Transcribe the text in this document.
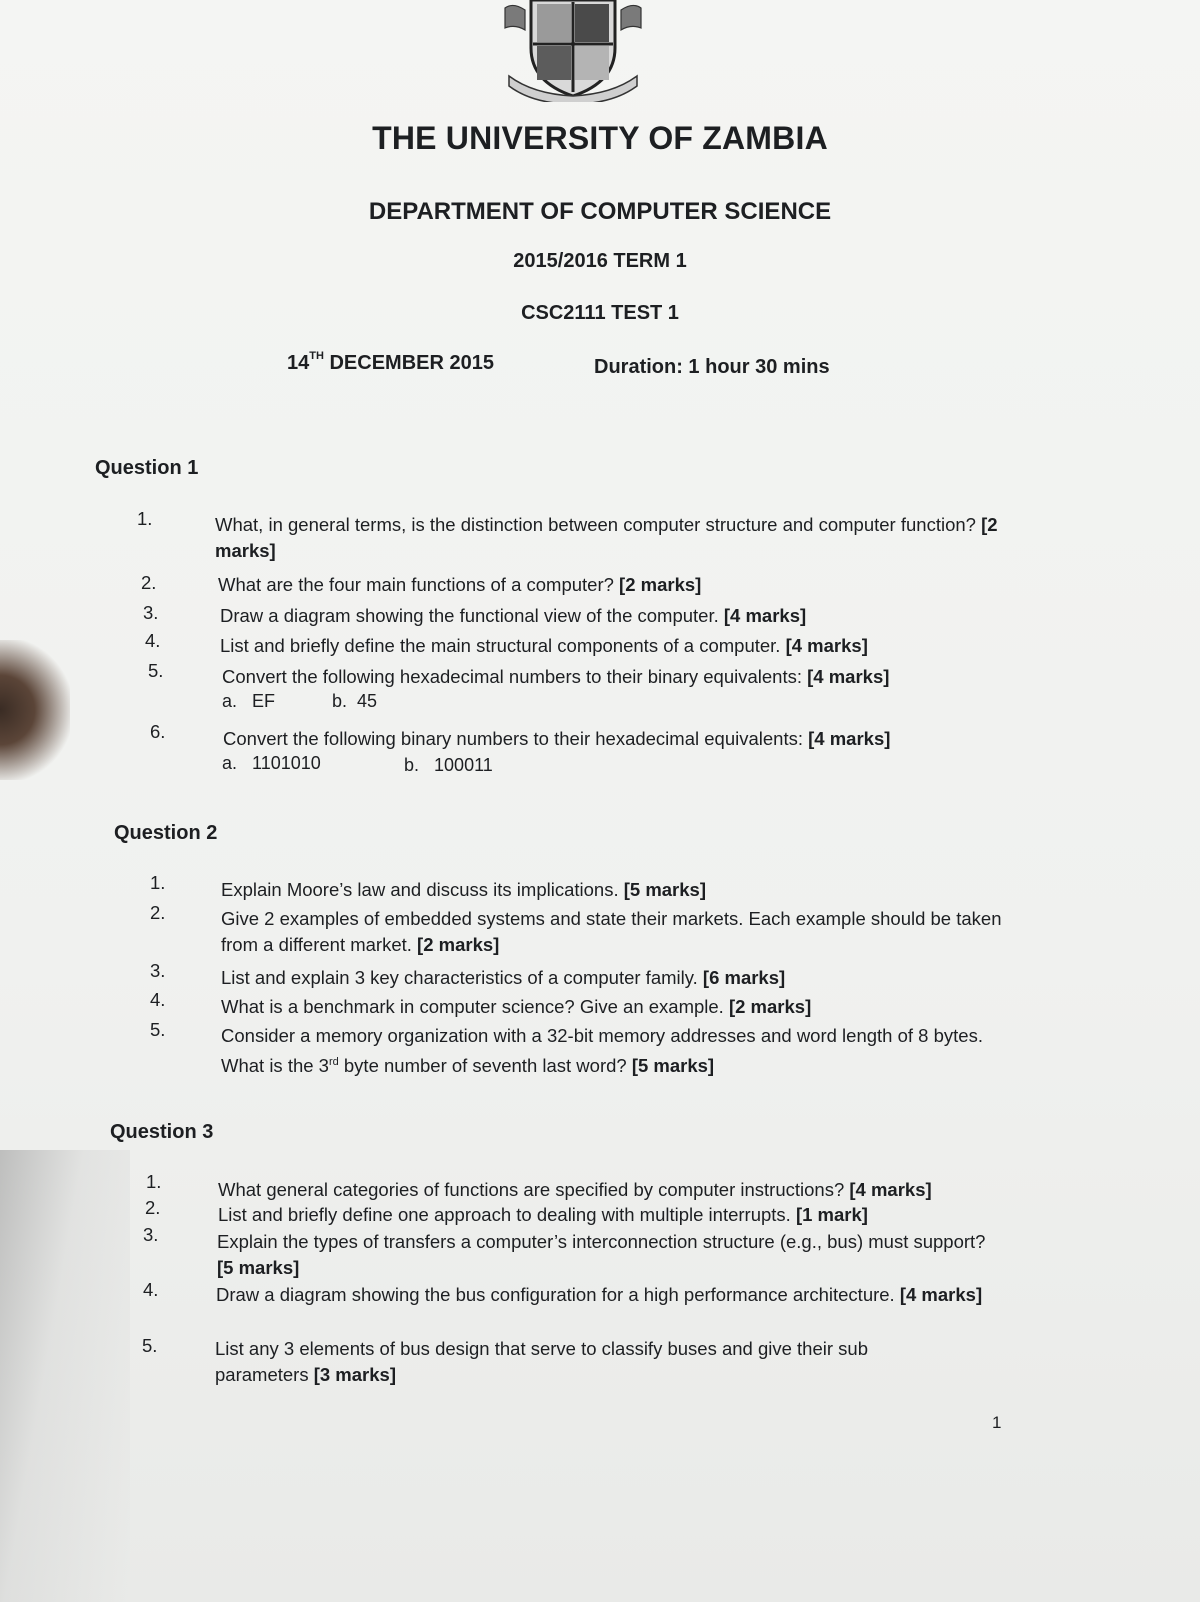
THE UNIVERSITY OF ZAMBIA
DEPARTMENT OF COMPUTER SCIENCE
2015/2016 TERM 1
CSC2111 TEST 1
14TH DECEMBER 2015	Duration: 1 hour 30 mins
Question 1
1.	What, in general terms, is the distinction between computer structure and computer function? [2 marks]
2.	What are the four main functions of a computer? [2 marks]
3.	Draw a diagram showing the functional view of the computer. [4 marks]
4.	List and briefly define the main structural components of a computer. [4 marks]
5.	Convert the following hexadecimal numbers to their binary equivalents: [4 marks]
a. EF	b. 45
6.	Convert the following binary numbers to their hexadecimal equivalents: [4 marks]
a. 1101010	b. 100011
Question 2
1.	Explain Moore’s law and discuss its implications. [5 marks]
2.	Give 2 examples of embedded systems and state their markets. Each example should be taken from a different market. [2 marks]
3.	List and explain 3 key characteristics of a computer family. [6 marks]
4.	What is a benchmark in computer science? Give an example. [2 marks]
5.	Consider a memory organization with a 32-bit memory addresses and word length of 8 bytes. What is the 3rd byte number of seventh last word? [5 marks]
Question 3
1.	What general categories of functions are specified by computer instructions? [4 marks]
2.	List and briefly define one approach to dealing with multiple interrupts. [1 mark]
3.	Explain the types of transfers a computer’s interconnection structure (e.g., bus) must support? [5 marks]
4.	Draw a diagram showing the bus configuration for a high performance architecture. [4 marks]
5.	List any 3 elements of bus design that serve to classify buses and give their sub parameters [3 marks]
1
